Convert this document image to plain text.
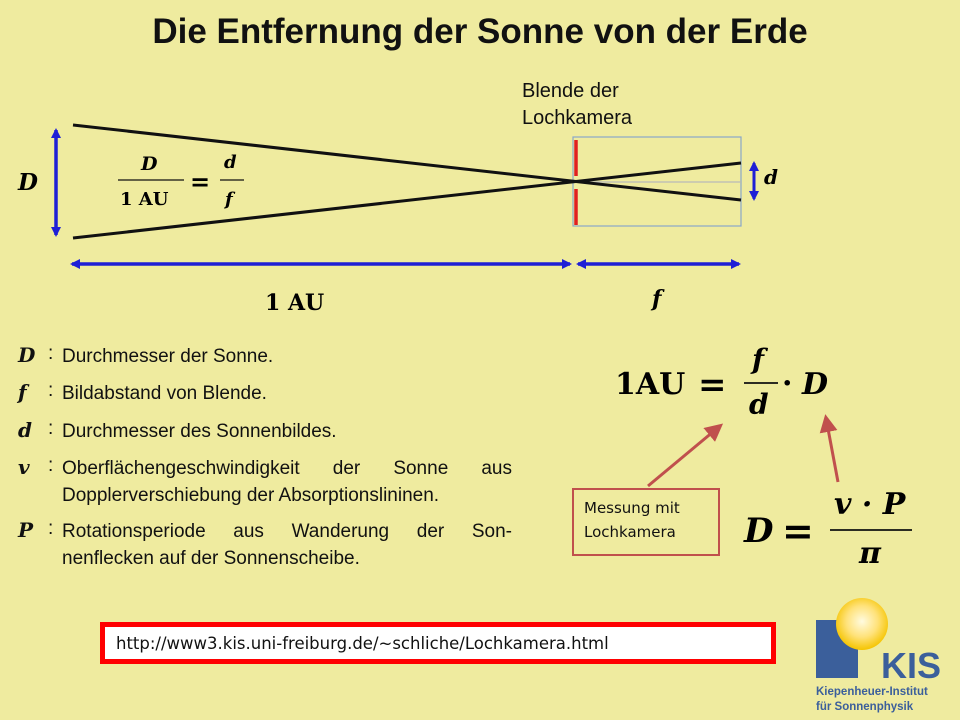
Die Entfernung der Sonne von der Erde
D	d
1 AU	f
D
1 AU
=
d
f
1AU =
f
d
· D
D =
v · P
π
Blende der
Lochkamera
D : Durchmesser der Sonne.
f	: Bildabstand von Blende.
d : Durchmesser des Sonnenbildes.
v : Oberflächengeschwindigkeit der Sonne aus
Dopplerverschiebung der Absorptionslininen.
P : Rotationsperiode aus Wanderung der Son-
nenflecken auf der Sonnenscheibe.
Messung mit
Lochkamera
http://www3.kis.uni-freiburg.de/~schliche/Lochkamera.html
KIS
Kiepenheuer-Institut
für Sonnenphysik
